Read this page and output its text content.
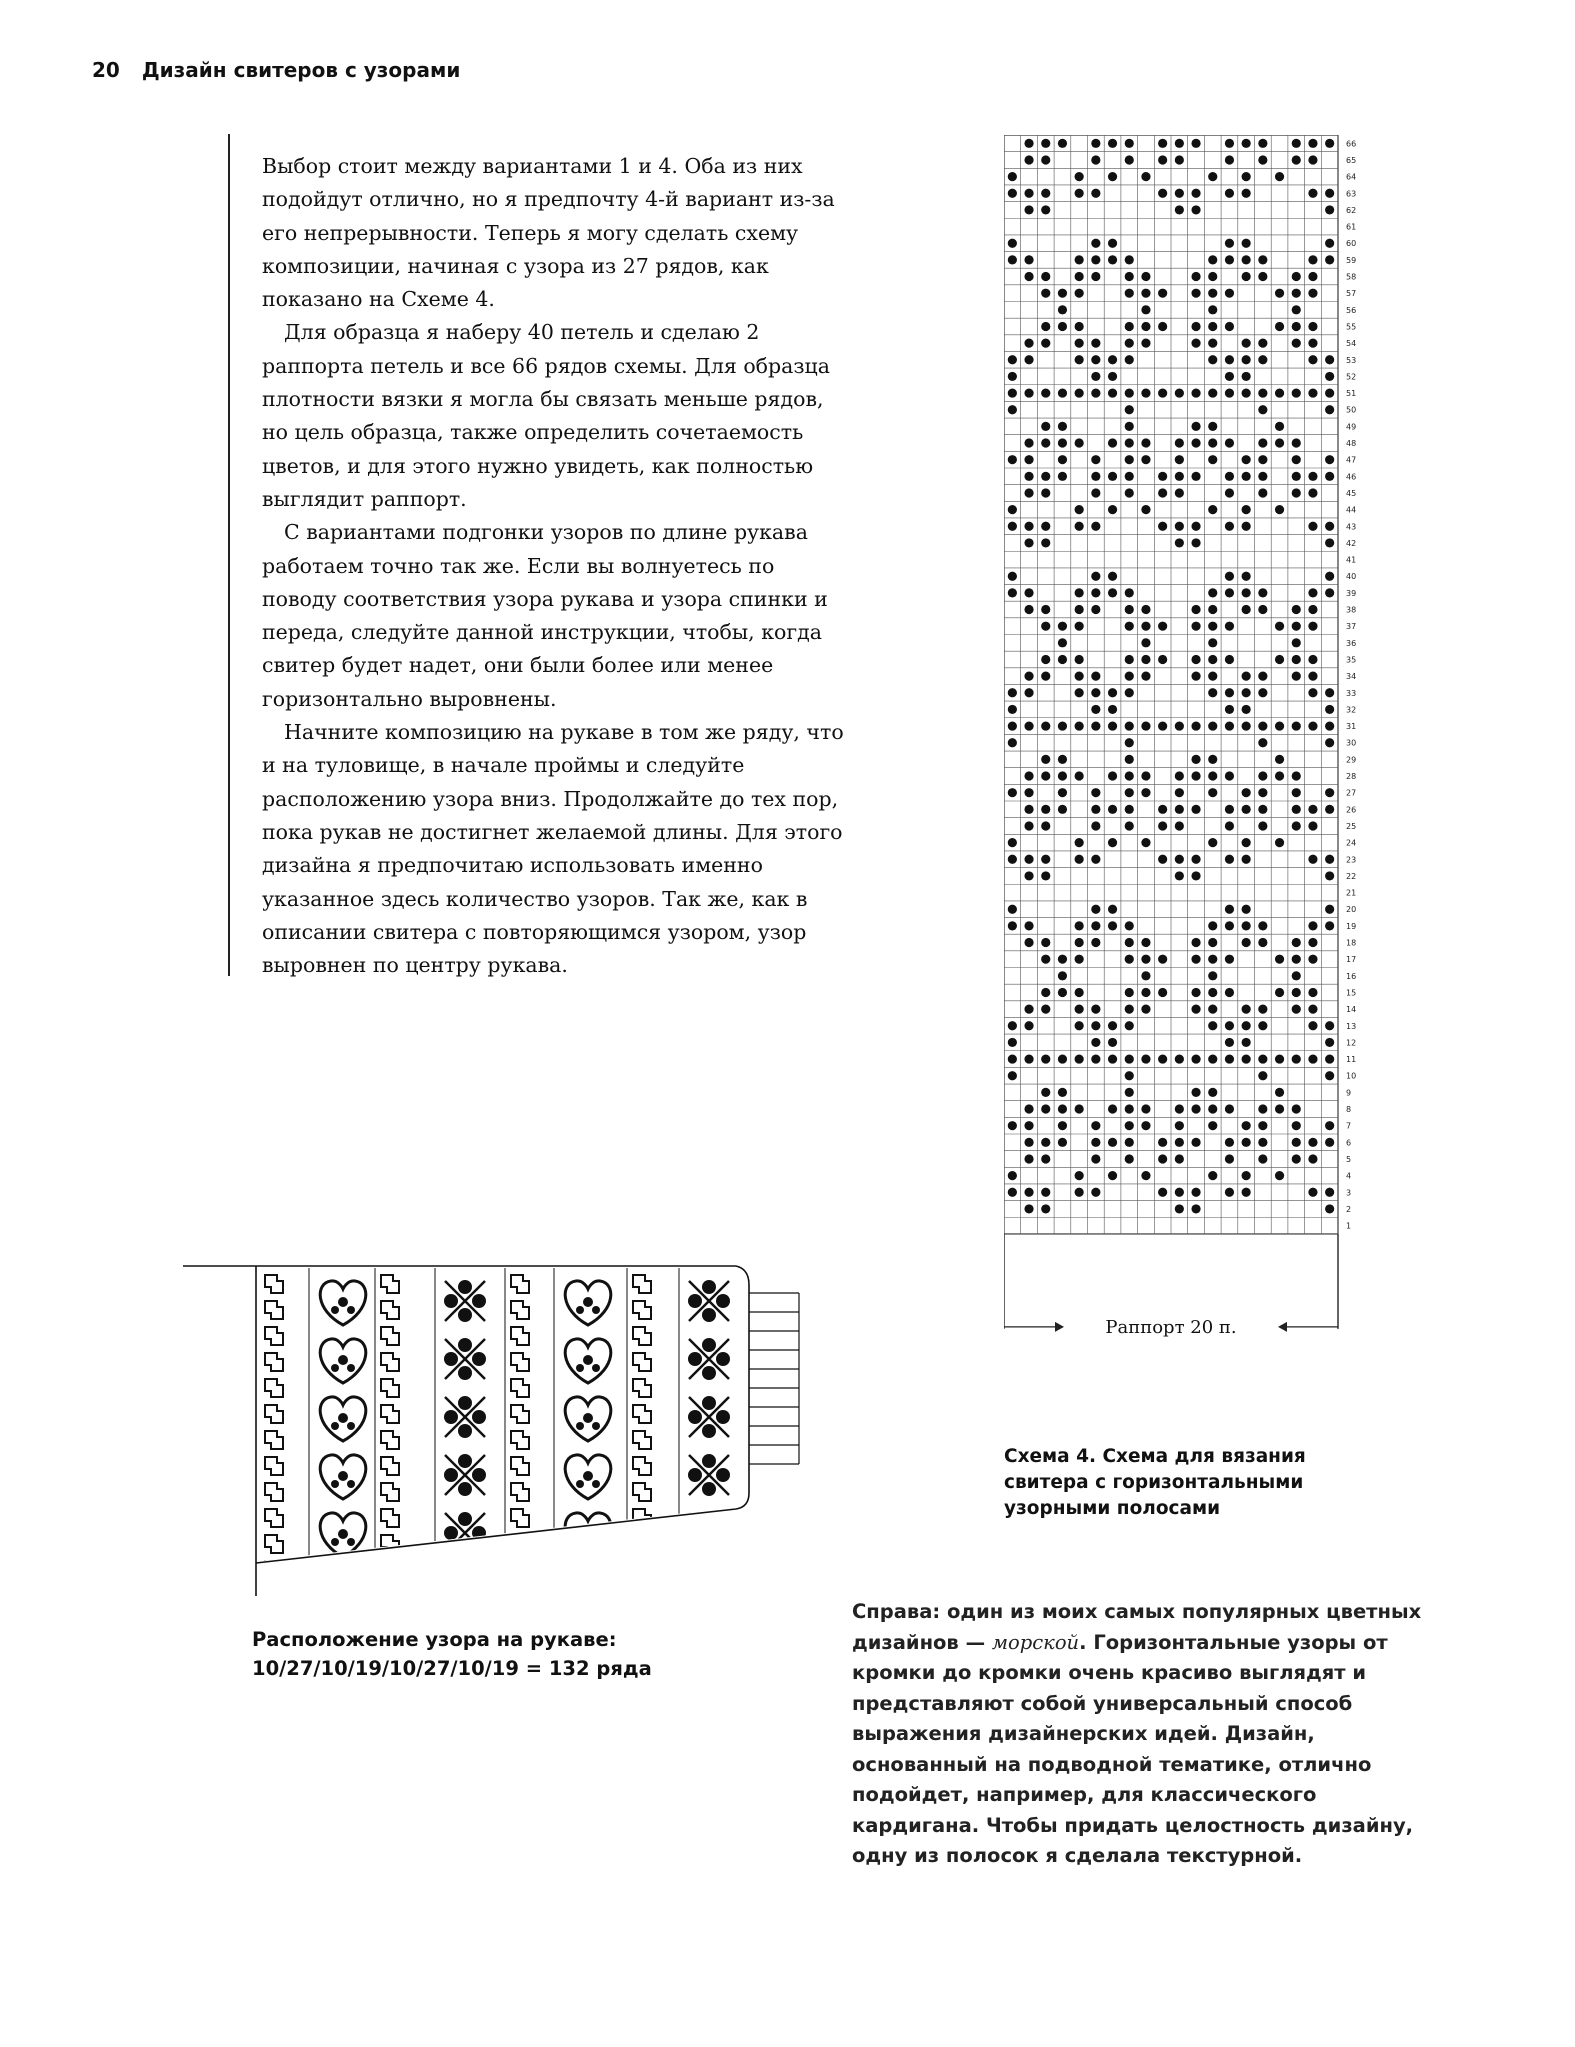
20 Дизайн свитеров с узорами

Выбор стоит между вариантами 1 и 4. Оба из них подойдут отлично, но я предпочту 4-й вариант из-за его непрерывности. Теперь я могу сделать схему композиции, начиная с узора из 27 рядов, как показано на Схеме 4.

Для образца я наберу 40 петель и сделаю 2 раппорта петель и все 66 рядов схемы. Для образца плотности вязки я могла бы связать меньше рядов, но цель образца, также определить сочетаемость цветов, и для этого нужно увидеть, как полностью выглядит раппорт.

С вариантами подгонки узоров по длине рукава работаем точно так же. Если вы волнуетесь по поводу соответствия узора рукава и узора спинки и переда, следуйте данной инструкции, чтобы, когда свитер будет надет, они были более или менее горизонтально выровнены.

Начните композицию на рукаве в том же ряду, что и на туловище, в начале проймы и следуйте расположению узора вниз. Продолжайте до тех пор, пока рукав не достигнет желаемой длины. Для этого дизайна я предпочитаю использовать именно указанное здесь количество узоров. Так же, как в описании свитера с повторяющимся узором, узор выровнен по центру рукава.

1
2
3
4
5
6
7
8
9
10
11
12
13
14
15
16
17
18
19
20
21
22
23
24
25
26
27
28
29
30
31
32
33
34
35
36
37
38
39
40
41
42
43
44
45
46
47
48
49
50
51
52
53
54
55
56
57
58
59
60
61
62
63
64
65
66
Раппорт 20 п.
Схема 4. Схема для вязания свитера с горизонтальными узорными полосами
Расположение узора на рукаве:
10/27/10/19/10/27/10/19 = 132 ряда
Справа: один из моих самых популярных цветных дизайнов — морской. Горизонтальные узоры от кромки до кромки очень красиво выглядят и представляют собой универсальный способ выражения дизайнерских идей. Дизайн, основанный на подводной тематике, отлично подойдет, например, для классического кардигана. Чтобы придать целостность дизайну, одну из полосок я сделала текстурной.
